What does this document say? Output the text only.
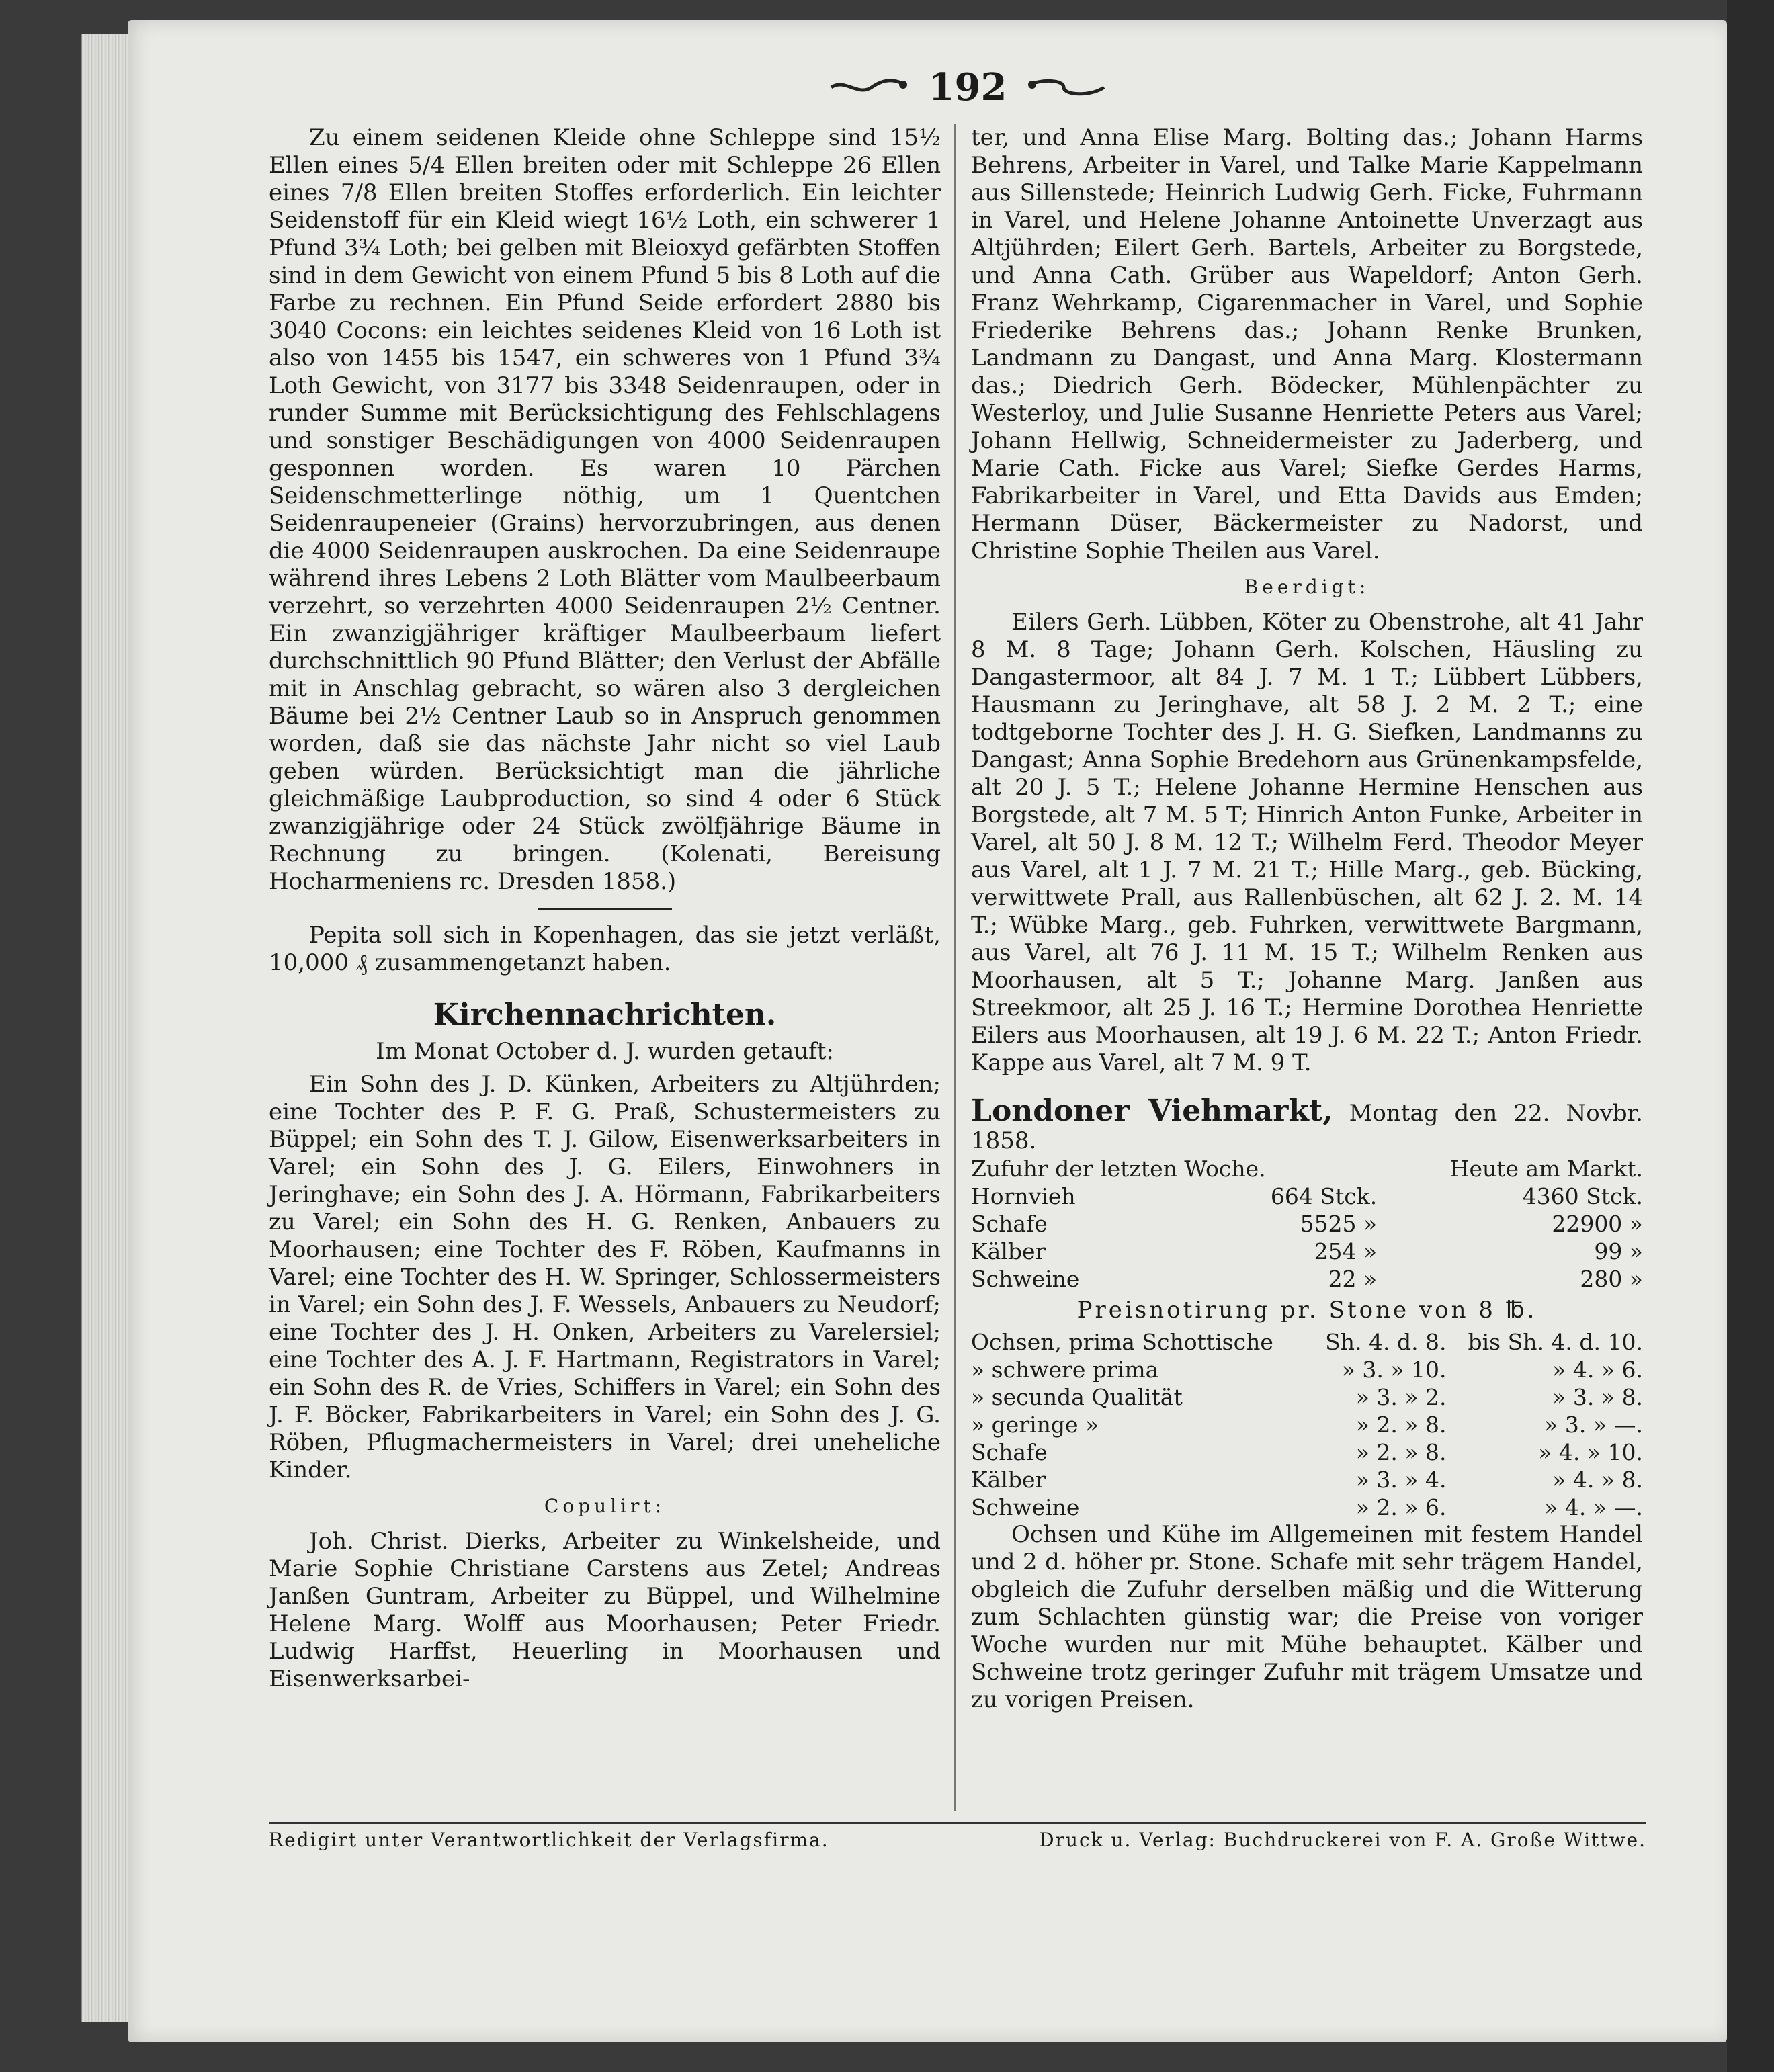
192

Zu einem seidenen Kleide ohne Schleppe sind 15½ Ellen eines 5/4 Ellen breiten oder mit Schleppe 26 Ellen eines 7/8 Ellen breiten Stoffes erforderlich. Ein leichter Seidenstoff für ein Kleid wiegt 16½ Loth, ein schwerer 1 Pfund 3¾ Loth; bei gelben mit Bleioxyd gefärbten Stoffen sind in dem Gewicht von einem Pfund 5 bis 8 Loth auf die Farbe zu rechnen. Ein Pfund Seide erfordert 2880 bis 3040 Cocons: ein leichtes seidenes Kleid von 16 Loth ist also von 1455 bis 1547, ein schweres von 1 Pfund 3¾ Loth Gewicht, von 3177 bis 3348 Seidenraupen, oder in runder Summe mit Berücksichtigung des Fehlschlagens und sonstiger Beschädigungen von 4000 Seidenraupen gesponnen worden. Es waren 10 Pärchen Seidenschmetterlinge nöthig, um 1 Quentchen Seidenraupeneier (Grains) hervorzubringen, aus denen die 4000 Seidenraupen auskrochen. Da eine Seidenraupe während ihres Lebens 2 Loth Blätter vom Maulbeerbaum verzehrt, so verzehrten 4000 Seidenraupen 2½ Centner. Ein zwanzigjähriger kräftiger Maulbeerbaum liefert durchschnittlich 90 Pfund Blätter; den Verlust der Abfälle mit in Anschlag gebracht, so wären also 3 dergleichen Bäume bei 2½ Centner Laub so in Anspruch genommen worden, daß sie das nächste Jahr nicht so viel Laub geben würden. Berücksichtigt man die jährliche gleichmäßige Laubproduction, so sind 4 oder 6 Stück zwanzigjährige oder 24 Stück zwölfjährige Bäume in Rechnung zu bringen. (Kolenati, Bereisung Hocharmeniens rc. Dresden 1858.)

Pepita soll sich in Kopenhagen, das sie jetzt verläßt, 10,000 ₰ zusammengetanzt haben.

Kirchennachrichten.
Im Monat October d. J. wurden getauft:

Ein Sohn des J. D. Künken, Arbeiters zu Altjührden; eine Tochter des P. F. G. Praß, Schustermeisters zu Büppel; ein Sohn des T. J. Gilow, Eisenwerksarbeiters in Varel; ein Sohn des J. G. Eilers, Einwohners in Jeringhave; ein Sohn des J. A. Hörmann, Fabrikarbeiters zu Varel; ein Sohn des H. G. Renken, Anbauers zu Moorhausen; eine Tochter des F. Röben, Kaufmanns in Varel; eine Tochter des H. W. Springer, Schlossermeisters in Varel; ein Sohn des J. F. Wessels, Anbauers zu Neudorf; eine Tochter des J. H. Onken, Arbeiters zu Varelersiel; eine Tochter des A. J. F. Hartmann, Registrators in Varel; ein Sohn des R. de Vries, Schiffers in Varel; ein Sohn des J. F. Böcker, Fabrikarbeiters in Varel; ein Sohn des J. G. Röben, Pflugmachermeisters in Varel; drei uneheliche Kinder.

Copulirt:

Joh. Christ. Dierks, Arbeiter zu Winkelsheide, und Marie Sophie Christiane Carstens aus Zetel; Andreas Janßen Guntram, Arbeiter zu Büppel, und Wilhelmine Helene Marg. Wolff aus Moorhausen; Peter Friedr. Ludwig Harffst, Heuerling in Moorhausen und Eisenwerksarbei-

ter, und Anna Elise Marg. Bolting das.; Johann Harms Behrens, Arbeiter in Varel, und Talke Marie Kappelmann aus Sillenstede; Heinrich Ludwig Gerh. Ficke, Fuhrmann in Varel, und Helene Johanne Antoinette Unverzagt aus Altjührden; Eilert Gerh. Bartels, Arbeiter zu Borgstede, und Anna Cath. Grüber aus Wapeldorf; Anton Gerh. Franz Wehrkamp, Cigarenmacher in Varel, und Sophie Friederike Behrens das.; Johann Renke Brunken, Landmann zu Dangast, und Anna Marg. Klostermann das.; Diedrich Gerh. Bödecker, Mühlenpächter zu Westerloy, und Julie Susanne Henriette Peters aus Varel; Johann Hellwig, Schneidermeister zu Jaderberg, und Marie Cath. Ficke aus Varel; Siefke Gerdes Harms, Fabrikarbeiter in Varel, und Etta Davids aus Emden; Hermann Düser, Bäckermeister zu Nadorst, und Christine Sophie Theilen aus Varel.

Beerdigt:

Eilers Gerh. Lübben, Köter zu Obenstrohe, alt 41 Jahr 8 M. 8 Tage; Johann Gerh. Kolschen, Häusling zu Dangastermoor, alt 84 J. 7 M. 1 T.; Lübbert Lübbers, Hausmann zu Jeringhave, alt 58 J. 2 M. 2 T.; eine todtgeborne Tochter des J. H. G. Siefken, Landmanns zu Dangast; Anna Sophie Bredehorn aus Grünenkampsfelde, alt 20 J. 5 T.; Helene Johanne Hermine Henschen aus Borgstede, alt 7 M. 5 T; Hinrich Anton Funke, Arbeiter in Varel, alt 50 J. 8 M. 12 T.; Wilhelm Ferd. Theodor Meyer aus Varel, alt 1 J. 7 M. 21 T.; Hille Marg., geb. Bücking, verwittwete Prall, aus Rallenbüschen, alt 62 J. 2. M. 14 T.; Wübke Marg., geb. Fuhrken, verwittwete Bargmann, aus Varel, alt 76 J. 11 M. 15 T.; Wilhelm Renken aus Moorhausen, alt 5 T.; Johanne Marg. Janßen aus Streekmoor, alt 25 J. 16 T.; Hermine Dorothea Henriette Eilers aus Moorhausen, alt 19 J. 6 M. 22 T.; Anton Friedr. Kappe aus Varel, alt 7 M. 9 T.

Londoner Viehmarkt, Montag den 22. Novbr. 1858.
Zufuhr der letzten Woche.		Heute am Markt.
Hornvieh	664 Stck.	4360 Stck.
Schafe	5525 »	22900 »
Kälber	254 »	99 »
Schweine	22 »	280 »
Preisnotirung pr. Stone von 8 ℔.
Ochsen, prima Schottische	Sh. 4. d. 8.	bis Sh. 4. d. 10.
» schwere prima	» 3. » 10.	» 4. » 6.
» secunda Qualität	» 3. » 2.	» 3. » 8.
» geringe »	» 2. » 8.	» 3. » —.
Schafe	» 2. » 8.	» 4. » 10.
Kälber	» 3. » 4.	» 4. » 8.
Schweine	» 2. » 6.	» 4. » —.

Ochsen und Kühe im Allgemeinen mit festem Handel und 2 d. höher pr. Stone. Schafe mit sehr trägem Handel, obgleich die Zufuhr derselben mäßig und die Witterung zum Schlachten günstig war; die Preise von voriger Woche wurden nur mit Mühe behauptet. Kälber und Schweine trotz geringer Zufuhr mit trägem Umsatze und zu vorigen Preisen.

Redigirt unter Verantwortlichkeit der Verlagsfirma.	Druck u. Verlag: Buchdruckerei von F. A. Große Wittwe.
